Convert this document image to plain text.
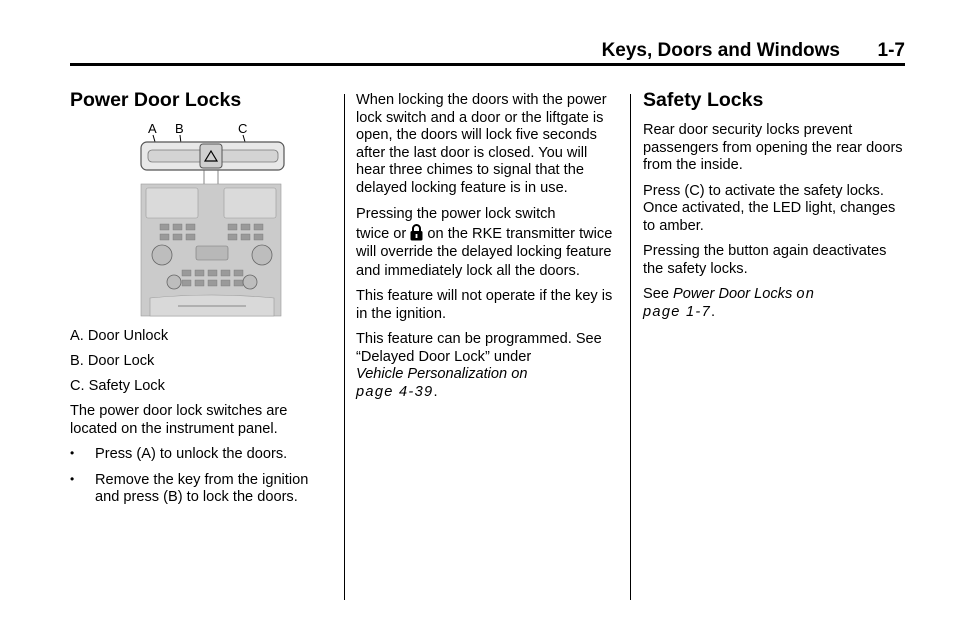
Keys, Doors and Windows	1-7
Power Door Locks
A B	C

A. Door Unlock

B. Door Lock

C. Safety Lock

The power door lock switches are located on the instrument panel.

• Press (A) to unlock the doors.
• Remove the key from the ignition and press (B) to lock the doors.

When locking the doors with the power lock switch and a door or the liftgate is open, the doors will lock five seconds after the last door is closed. You will hear three chimes to signal that the delayed locking feature is in use.

Pressing the power lock switch
twice or on the RKE transmitter twice will override the delayed locking feature and immediately lock all the doors.

This feature will not operate if the key is in the ignition.

This feature can be programmed. See “Delayed Door Lock” under
Vehicle Personalization on
page 4-39.

Safety Locks

Rear door security locks prevent passengers from opening the rear doors from the inside.

Press (C) to activate the safety locks. Once activated, the LED light, changes to amber.

Pressing the button again deactivates the safety locks.

See Power Door Locks on
page 1-7.
